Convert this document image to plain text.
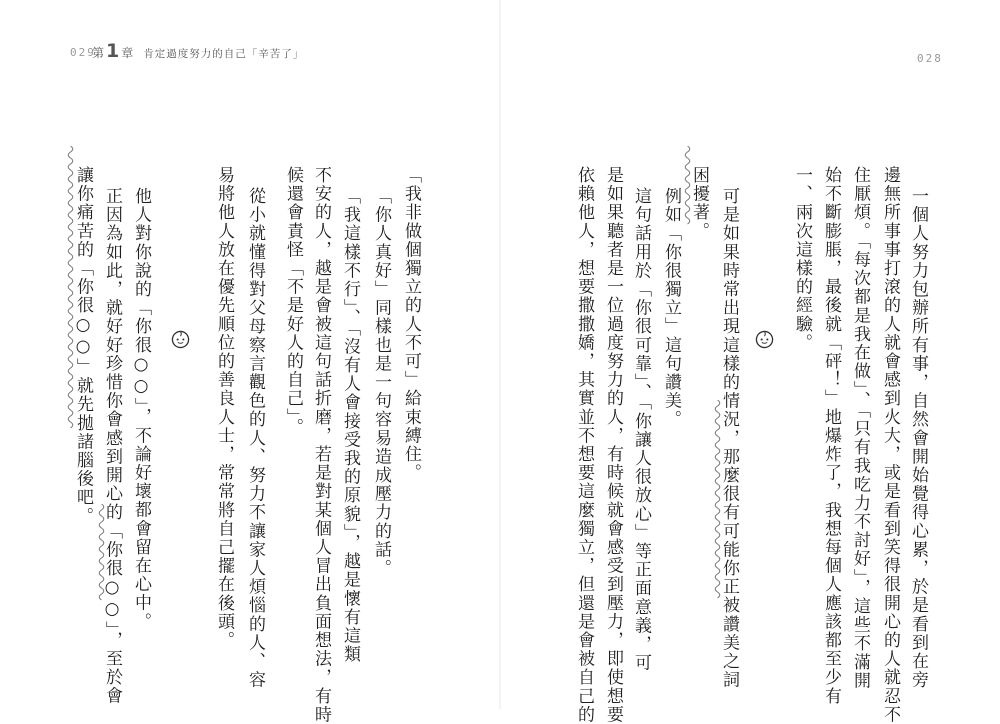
029
第 1 章 肯定過度努力的自己「辛苦了」
「我非做個獨立的人不可」給束縛住。
「你人真好」同樣也是一句容易造成壓力的話。
「我這樣不行」、「沒有人會接受我的原貌」，越是懷有這類
不安的人，越是會被這句話折磨，若是對某個人冒出負面想法，有時
候還會責怪「不是好人的自己」。
從小就懂得對父母察言觀色的人、努力不讓家人煩惱的人、容
易將他人放在優先順位的善良人士，常常將自己擺在後頭。
他人對你說的「你很○○」，不論好壞都會留在心中。
正因為如此，就好好珍惜你會感到開心的「你很○○」，至於會
讓你痛苦的「你很○○」就先拋諸腦後吧。
028
一個人努力包辦所有事，自然會開始覺得心累，於是看到在旁
邊無所事事打滾的人就會感到火大，或是看到笑得很開心的人就忍不
住厭煩。「每次都是我在做」、「只有我吃力不討好」，這些不滿開
始不斷膨脹，最後就「砰！」地爆炸了，我想每個人應該都至少有
一、兩次這樣的經驗。
可是如果時常出現這樣的情況，那麼很有可能你正被讚美之詞
困擾著。
例如「你很獨立」這句讚美。
這句話用於「你很可靠」、「你讓人很放心」等正面意義，可
是如果聽者是一位過度努力的人，有時候就會感受到壓力，即使想要
依賴他人，想要撒撒嬌，其實並不想要這麼獨立，但還是會被自己的
